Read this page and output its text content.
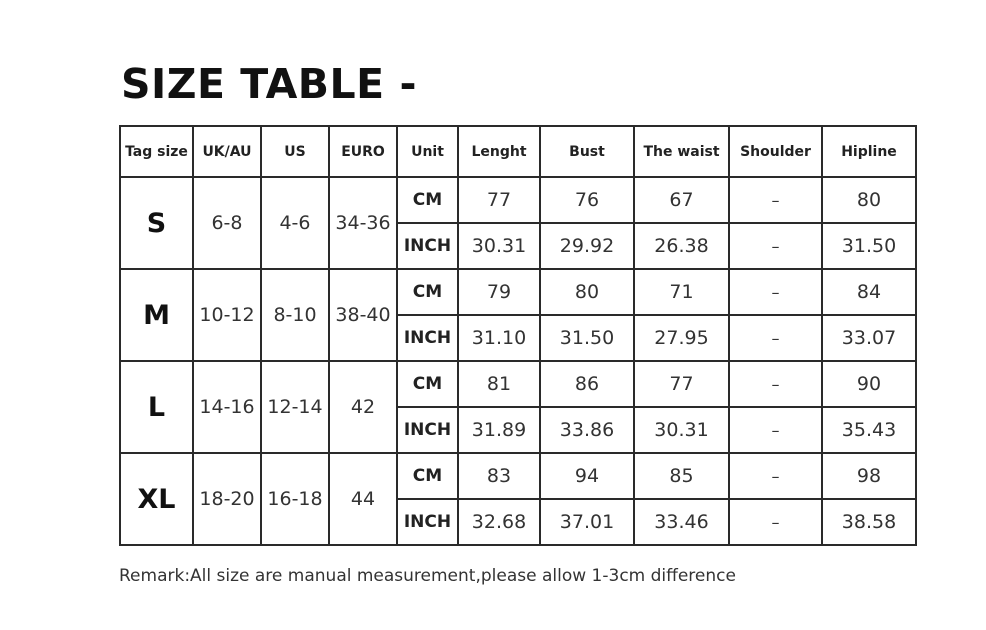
SIZE TABLE -
Tag size	UK/AU	US	EURO	Unit	Lenght	Bust	The waist	Shoulder	Hipline
S	6-8	4-6	34-36	CM	77	76	67	–	80
				INCH	30.31	29.92	26.38	–	31.50
M	10-12	8-10	38-40	CM	79	80	71	–	84
				INCH	31.10	31.50	27.95	–	33.07
L	14-16	12-14	42	CM	81	86	77	–	90
				INCH	31.89	33.86	30.31	–	35.43
XL	18-20	16-18	44	CM	83	94	85	–	98
				INCH	32.68	37.01	33.46	–	38.58
Remark:All size are manual measurement,please allow 1-3cm difference
